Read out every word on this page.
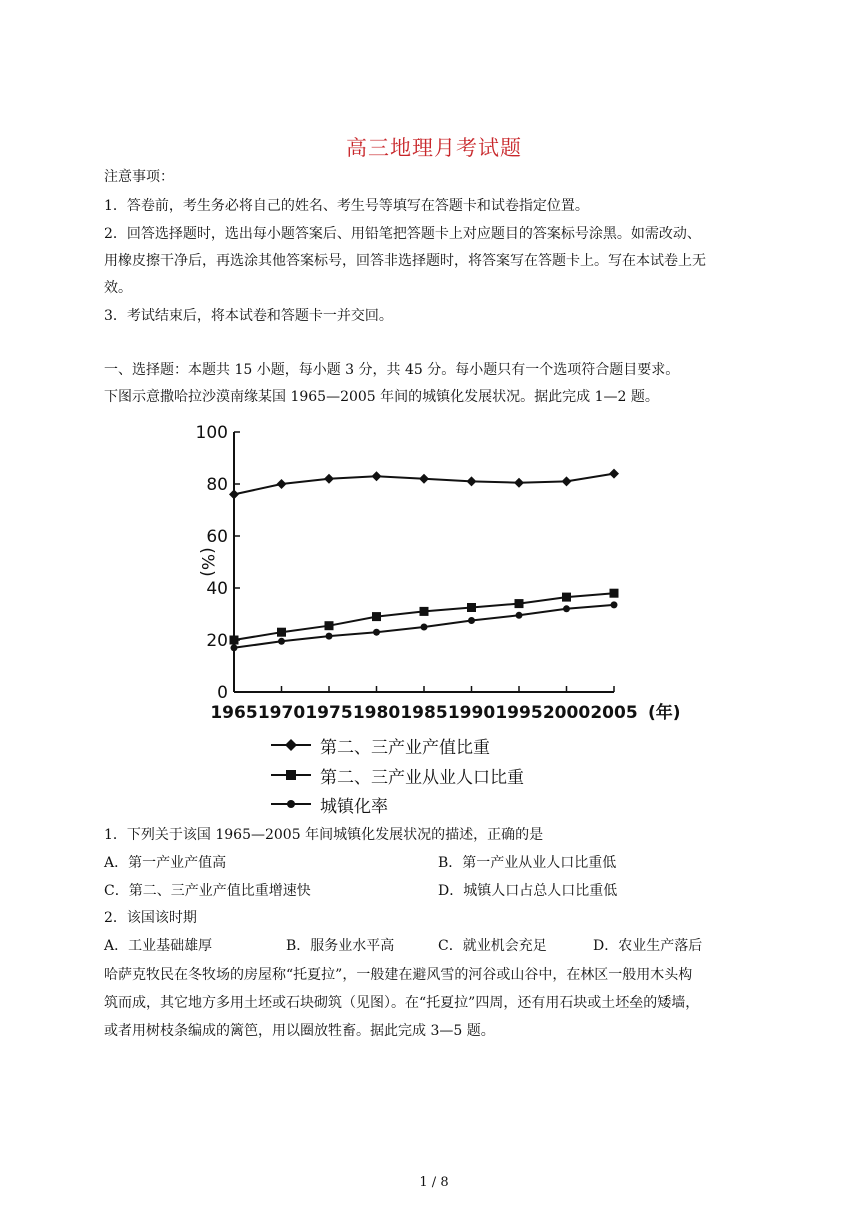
高三地理月考试题
注意事项：
1．答卷前，考生务必将自己的姓名、考生号等填写在答题卡和试卷指定位置。
2．回答选择题时，选出每小题答案后、用铅笔把答题卡上对应题目的答案标号涂黑。如需改动、
用橡皮擦干净后，再选涂其他答案标号，回答非选择题时，将答案写在答题卡上。写在本试卷上无
效。
3．考试结束后，将本试卷和答题卡一并交回。
一、选择题：本题共 15 小题，每小题 3 分，共 45 分。每小题只有一个选项符合题目要求。
下图示意撒哈拉沙漠南缘某国 1965—2005 年间的城镇化发展状况。据此完成 1—2 题。
0
20
40
60
80
100
1965 1970 1975 1980 1985 1990 1995 2000 2005 (年)
(%)
第二、三产业产值比重
第二、三产业从业人口比重
城镇化率
1．下列关于该国 1965—2005 年间城镇化发展状况的描述，正确的是
A．第一产业产值高	B．第一产业从业人口比重低
C．第二、三产业产值比重增速快	D．城镇人口占总人口比重低
2．该国该时期
A．工业基础雄厚	B．服务业水平高	C．就业机会充足	D．农业生产落后
哈萨克牧民在冬牧场的房屋称“托夏拉”，一般建在避风雪的河谷或山谷中，在林区一般用木头构
筑而成，其它地方多用土坯或石块砌筑（见图）。在“托夏拉”四周，还有用石块或土坯垒的矮墙，
或者用树枝条编成的篱笆，用以圈放牲畜。据此完成 3—5 题。
1 / 8
